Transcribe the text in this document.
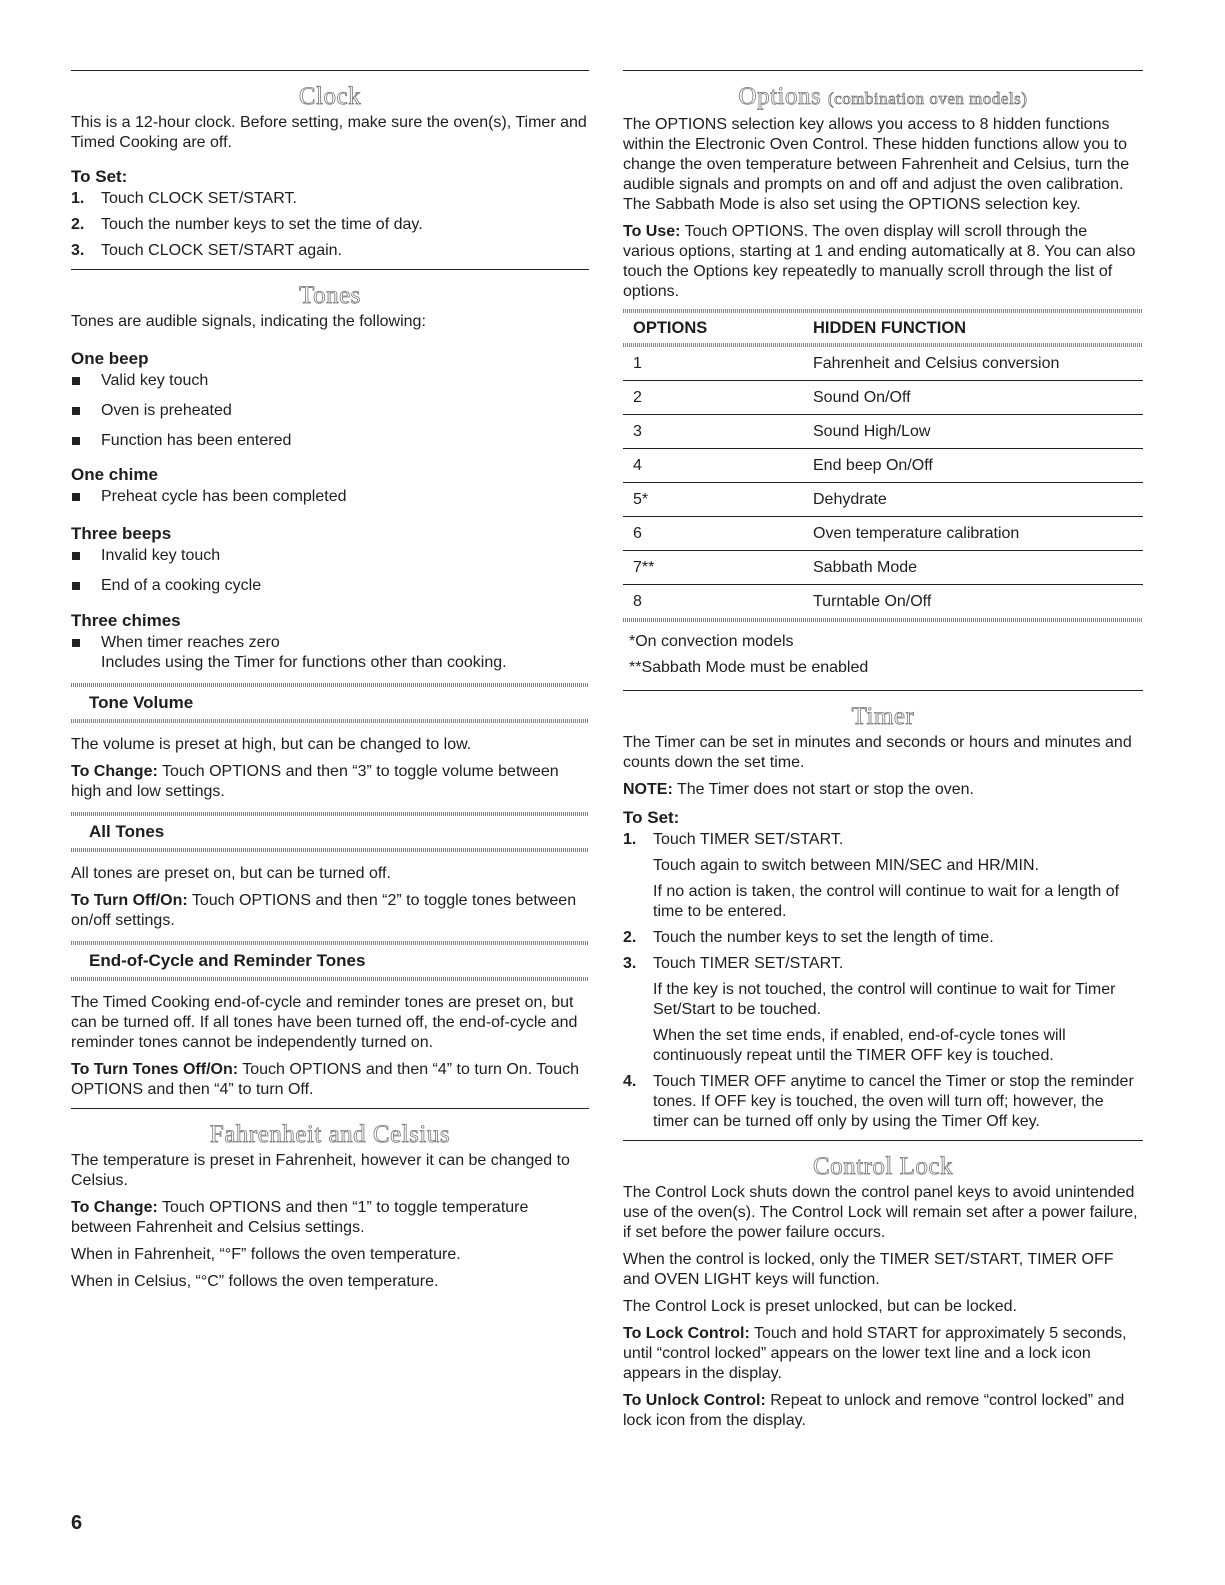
Clock

This is a 12-hour clock. Before setting, make sure the oven(s), Timer and Timed Cooking are off.

To Set:
1.	Touch CLOCK SET/START.
2.	Touch the number keys to set the time of day.
3.	Touch CLOCK SET/START again.
Tones

Tones are audible signals, indicating the following:

One beep
Valid key touch
Oven is preheated
Function has been entered
One chime
Preheat cycle has been completed
Three beeps
Invalid key touch
End of a cooking cycle
Three chimes
When timer reaches zero
Includes using the Timer for functions other than cooking.
Tone Volume

The volume is preset at high, but can be changed to low.

To Change: Touch OPTIONS and then “3” to toggle volume between high and low settings.

All Tones

All tones are preset on, but can be turned off.

To Turn Off/On: Touch OPTIONS and then “2” to toggle tones between on/off settings.

End-of-Cycle and Reminder Tones

The Timed Cooking end-of-cycle and reminder tones are preset on, but can be turned off. If all tones have been turned off, the end-of-cycle and reminder tones cannot be independently turned on.

To Turn Tones Off/On: Touch OPTIONS and then “4” to turn On. Touch OPTIONS and then “4” to turn Off.

Fahrenheit and Celsius

The temperature is preset in Fahrenheit, however it can be changed to Celsius.

To Change: Touch OPTIONS and then “1” to toggle temperature between Fahrenheit and Celsius settings.

When in Fahrenheit, “°F” follows the oven temperature.

When in Celsius, “°C” follows the oven temperature.

Options (combination oven models)

The OPTIONS selection key allows you access to 8 hidden functions within the Electronic Oven Control. These hidden functions allow you to change the oven temperature between Fahrenheit and Celsius, turn the audible signals and prompts on and off and adjust the oven calibration. The Sabbath Mode is also set using the OPTIONS selection key.

To Use: Touch OPTIONS. The oven display will scroll through the various options, starting at 1 and ending automatically at 8. You can also touch the Options key repeatedly to manually scroll through the list of options.

OPTIONS	HIDDEN FUNCTION
1	Fahrenheit and Celsius conversion
2	Sound On/Off
3	Sound High/Low
4	End beep On/Off
5*	Dehydrate
6	Oven temperature calibration
7**	Sabbath Mode
8	Turntable On/Off

*On convection models

**Sabbath Mode must be enabled

Timer

The Timer can be set in minutes and seconds or hours and minutes and counts down the set time.

NOTE: The Timer does not start or stop the oven.

To Set:
1.	Touch TIMER SET/START.
Touch again to switch between MIN/SEC and HR/MIN.
If no action is taken, the control will continue to wait for a length of time to be entered.
2.	Touch the number keys to set the length of time.
3.	Touch TIMER SET/START.
If the key is not touched, the control will continue to wait for Timer Set/Start to be touched.
When the set time ends, if enabled, end-of-cycle tones will continuously repeat until the TIMER OFF key is touched.
4.	Touch TIMER OFF anytime to cancel the Timer or stop the reminder tones. If OFF key is touched, the oven will turn off; however, the timer can be turned off only by using the Timer Off key.
Control Lock

The Control Lock shuts down the control panel keys to avoid unintended use of the oven(s). The Control Lock will remain set after a power failure, if set before the power failure occurs.

When the control is locked, only the TIMER SET/START, TIMER OFF and OVEN LIGHT keys will function.

The Control Lock is preset unlocked, but can be locked.

To Lock Control: Touch and hold START for approximately 5 seconds, until “control locked” appears on the lower text line and a lock icon appears in the display.

To Unlock Control: Repeat to unlock and remove “control locked” and lock icon from the display.

6
